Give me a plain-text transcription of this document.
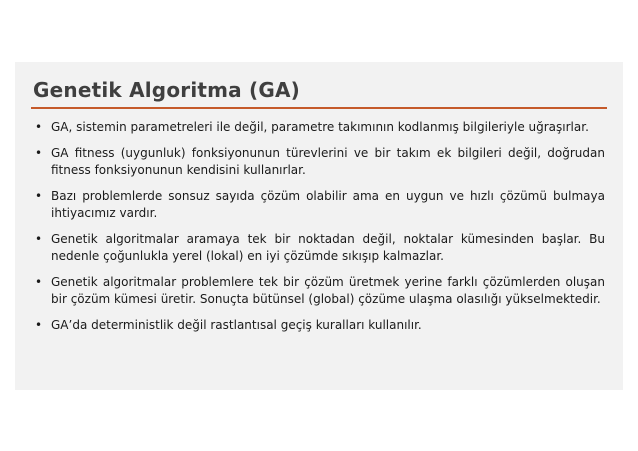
Genetik Algoritma (GA)
• GA, sistemin parametreleri ile değil, parametre takımının kodlanmış bilgileriyle uğraşırlar.
• GA fitness (uygunluk) fonksiyonunun türevlerini ve bir takım ek bilgileri değil, doğrudan fitness fonksiyonunun kendisini kullanırlar.
• Bazı problemlerde sonsuz sayıda çözüm olabilir ama en uygun ve hızlı çözümü bulmaya ihtiyacımız vardır.
• Genetik algoritmalar aramaya tek bir noktadan değil, noktalar kümesinden başlar. Bu nedenle çoğunlukla yerel (lokal) en iyi çözümde sıkışıp kalmazlar.
• Genetik algoritmalar problemlere tek bir çözüm üretmek yerine farklı çözümlerden oluşan bir çözüm kümesi üretir. Sonuçta bütünsel (global) çözüme ulaşma olasılığı yükselmektedir.
• GA’da deterministlik değil rastlantısal geçiş kuralları kullanılır.
